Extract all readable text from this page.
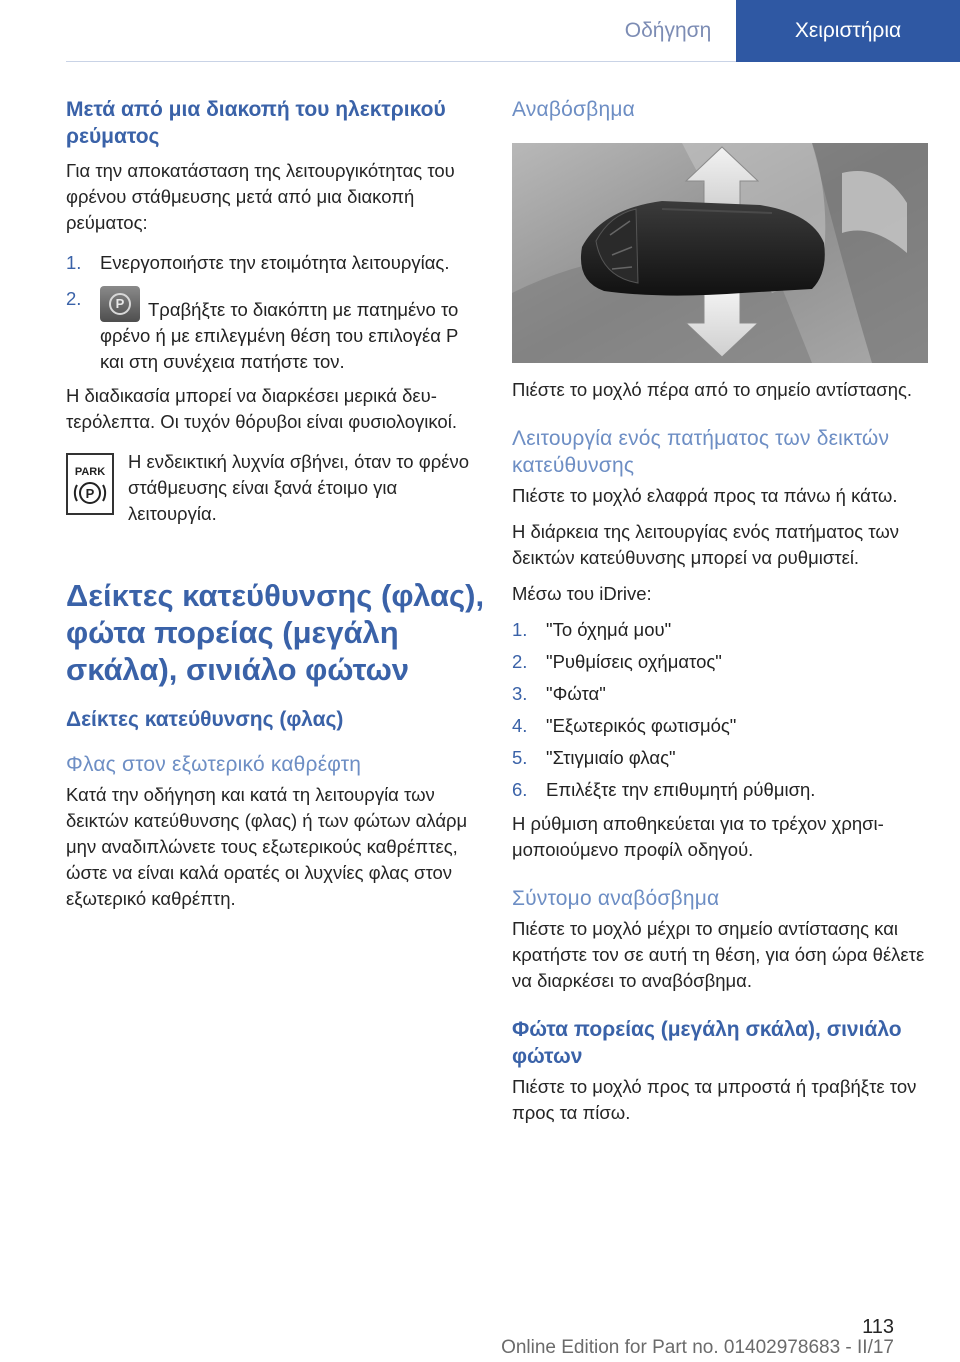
Οδήγηση	Χειριστήρια
Μετά από μια διακοπή του ηλεκτρικού ρεύματος
Για την αποκατάσταση της λειτουργικότητας του φρένου στάθμευσης μετά από μια διακοπή ρεύματος:
1.	Ενεργοποιήστε την ετοιμότητα λειτουργίας.
2.	P	Τραβήξτε το διακόπτη με πατημένο το φρένο ή με επιλεγμένη θέση του επιλογέα P και στη συνέχεια πατήστε τον.
Η διαδικασία μπορεί να διαρκέσει μερικά δευτερόλεπτα. Οι τυχόν θόρυβοι είναι φυσιολογικοί.
PARK
P
Η ενδεικτική λυχνία σβήνει, όταν το φρένο στάθμευσης είναι ξανά έτοιμο για λειτουργία.
Δείκτες κατεύθυνσης (φλας), φώτα πορείας (μεγάλη σκάλα), σινιάλο φώτων
Δείκτες κατεύθυνσης (φλας)
Φλας στον εξωτερικό καθρέφτη
Κατά την οδήγηση και κατά τη λειτουργία των δεικτών κατεύθυνσης (φλας) ή των φώτων αλάρμ μην αναδιπλώνετε τους εξωτερικούς καθρέπτες, ώστε να είναι καλά ορατές οι λυχνίες φλας στον εξωτερικό καθρέπτη.
Αναβόσβημα
Πιέστε το μοχλό πέρα από το σημείο αντίστασης.
Λειτουργία ενός πατήματος των δεικτών κατεύθυνσης
Πιέστε το μοχλό ελαφρά προς τα πάνω ή κάτω.
Η διάρκεια της λειτουργίας ενός πατήματος των δεικτών κατεύθυνσης μπορεί να ρυθμιστεί.
Μέσω του iDrive:
1.	"Το όχημά μου"
2.	"Ρυθμίσεις οχήματος"
3.	"Φώτα"
4.	"Εξωτερικός φωτισμός"
5.	"Στιγμιαίο φλας"
6.	Επιλέξτε την επιθυμητή ρύθμιση.
Η ρύθμιση αποθηκεύεται για το τρέχον χρησιμοποιούμενο προφίλ οδηγού.
Σύντομο αναβόσβημα
Πιέστε το μοχλό μέχρι το σημείο αντίστασης και κρατήστε τον σε αυτή τη θέση, για όση ώρα θέλετε να διαρκέσει το αναβόσβημα.
Φώτα πορείας (μεγάλη σκάλα), σινιάλο φώτων
Πιέστε το μοχλό προς τα μπροστά ή τραβήξτε τον προς τα πίσω.
113
Online Edition for Part no. 01402978683 - II/17
